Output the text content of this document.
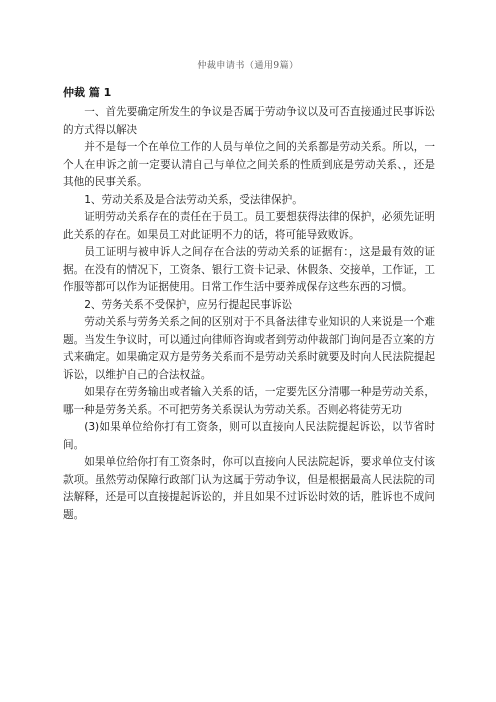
仲裁申请书（通用9篇）
仲裁 篇 1

一、首先要确定所发生的争议是否属于劳动争议以及可否直接通过民事诉讼的方式得以解决

并不是每一个在单位工作的人员与单位之间的关系都是劳动关系。所以，一个人在申诉之前一定要认清自己与单位之间关系的性质到底是劳动关系、，还是其他的民事关系。

1、劳动关系及是合法劳动关系，受法律保护。

证明劳动关系存在的责任在于员工。员工要想获得法律的保护，必须先证明此关系的存在。如果员工对此证明不力的话，将可能导致败诉。

员工证明与被申诉人之间存在合法的劳动关系的证据有：，这是最有效的证据。在没有的情况下，工资条、银行工资卡记录、休假条、交接单，工作证，工作服等都可以作为证据使用。日常工作生活中要养成保存这些东西的习惯。

2、劳务关系不受保护，应另行提起民事诉讼

劳动关系与劳务关系之间的区别对于不具备法律专业知识的人来说是一个难题。当发生争议时，可以通过向律师咨询或者到劳动仲裁部门询问是否立案的方式来确定。如果确定双方是劳务关系而不是劳动关系时就要及时向人民法院提起诉讼，以维护自己的合法权益。

如果存在劳务输出或者输入关系的话，一定要先区分清哪一种是劳动关系，哪一种是劳务关系。不可把劳务关系误认为劳动关系。否则必将徒劳无功

(3)如果单位给你打有工资条，则可以直接向人民法院提起诉讼，以节省时间。

如果单位给你打有工资条时，你可以直接向人民法院起诉，要求单位支付该款项。虽然劳动保障行政部门认为这属于劳动争议，但是根据最高人民法院的司法解释，还是可以直接提起诉讼的，并且如果不过诉讼时效的话，胜诉也不成问题。
